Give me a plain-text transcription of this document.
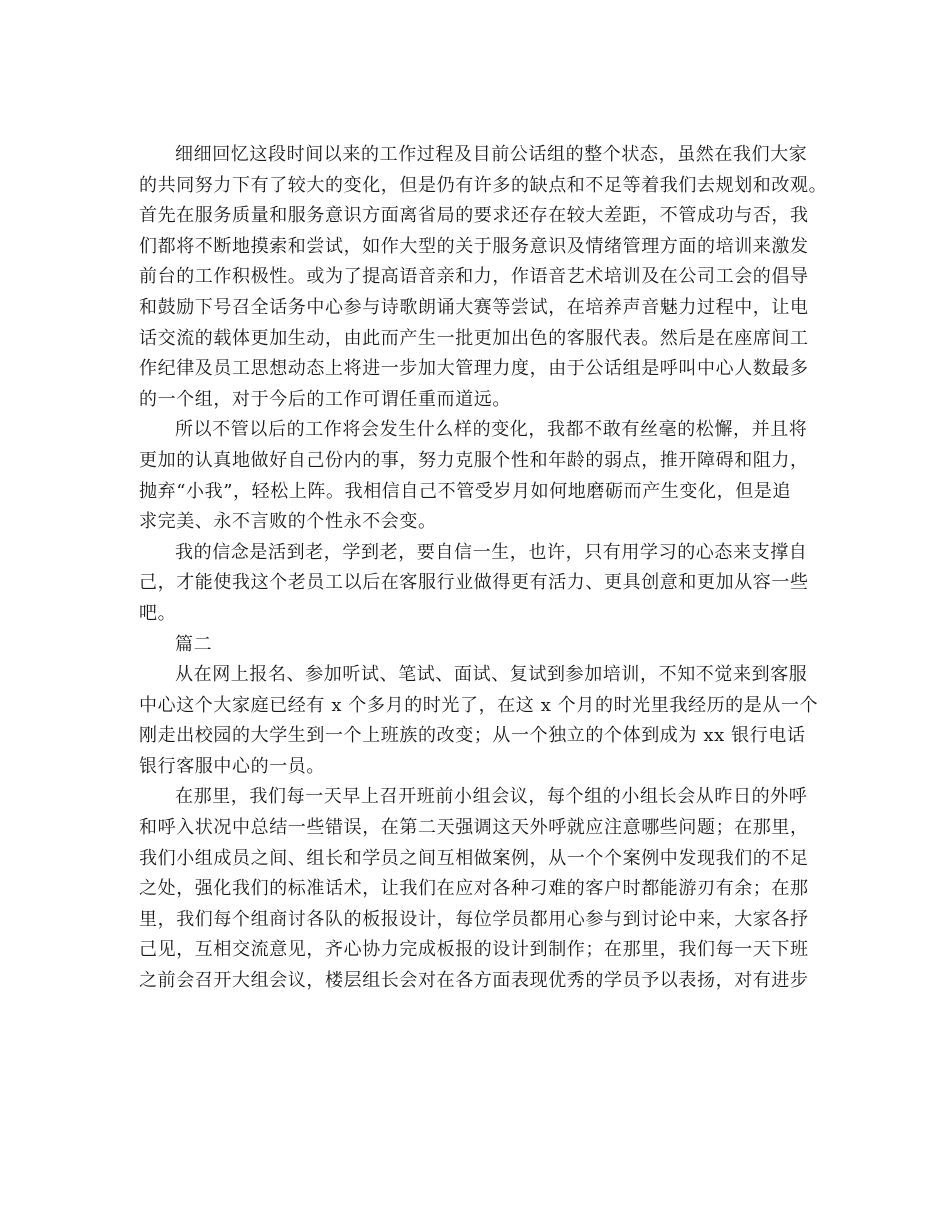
细细回忆这段时间以来的工作过程及目前公话组的整个状态，虽然在我们大家
的共同努力下有了较大的变化，但是仍有许多的缺点和不足等着我们去规划和改观。
首先在服务质量和服务意识方面离省局的要求还存在较大差距，不管成功与否，我
们都将不断地摸索和尝试，如作大型的关于服务意识及情绪管理方面的培训来激发
前台的工作积极性。或为了提高语音亲和力，作语音艺术培训及在公司工会的倡导
和鼓励下号召全话务中心参与诗歌朗诵大赛等尝试，在培养声音魅力过程中，让电
话交流的载体更加生动，由此而产生一批更加出色的客服代表。然后是在座席间工
作纪律及员工思想动态上将进一步加大管理力度，由于公话组是呼叫中心人数最多
的一个组，对于今后的工作可谓任重而道远。

所以不管以后的工作将会发生什么样的变化，我都不敢有丝毫的松懈，并且将
更加的认真地做好自己份内的事，努力克服个性和年龄的弱点，推开障碍和阻力，
抛弃“小我”，轻松上阵。我相信自己不管受岁月如何地磨砺而产生变化，但是追
求完美、永不言败的个性永不会变。

我的信念是活到老，学到老，要自信一生，也许，只有用学习的心态来支撑自
己，才能使我这个老员工以后在客服行业做得更有活力、更具创意和更加从容一些
吧。

篇二

从在网上报名、参加听试、笔试、面试、复试到参加培训，不知不觉来到客服
中心这个大家庭已经有 x 个多月的时光了，在这 x 个月的时光里我经历的是从一个
刚走出校园的大学生到一个上班族的改变；从一个独立的个体到成为 xx 银行电话
银行客服中心的一员。

在那里，我们每一天早上召开班前小组会议，每个组的小组长会从昨日的外呼
和呼入状况中总结一些错误，在第二天强调这天外呼就应注意哪些问题；在那里，
我们小组成员之间、组长和学员之间互相做案例，从一个个案例中发现我们的不足
之处，强化我们的标准话术，让我们在应对各种刁难的客户时都能游刃有余；在那
里，我们每个组商讨各队的板报设计，每位学员都用心参与到讨论中来，大家各抒
己见，互相交流意见，齐心协力完成板报的设计到制作；在那里，我们每一天下班
之前会召开大组会议，楼层组长会对在各方面表现优秀的学员予以表扬，对有进步
